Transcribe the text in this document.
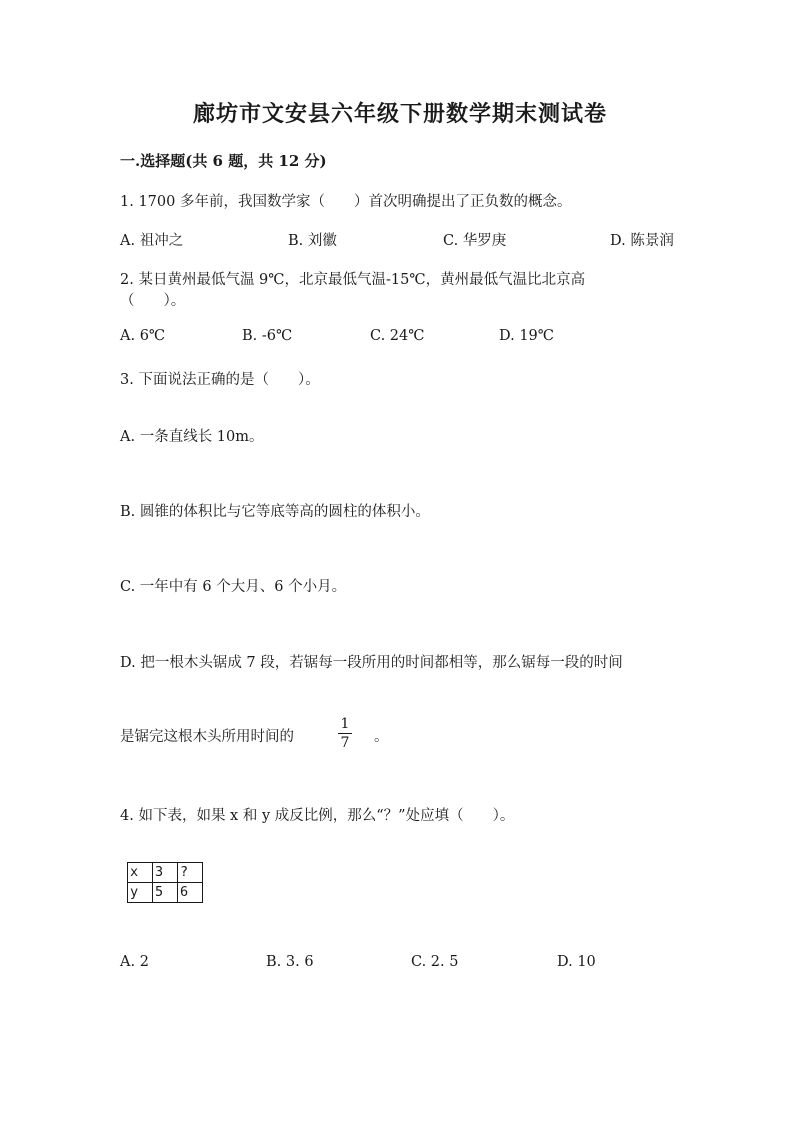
廊坊市文安县六年级下册数学期末测试卷
一.选择题(共 6 题，共 12 分)
1. 1700 多年前，我国数学家（　　）首次明确提出了正负数的概念。
A. 祖冲之	B. 刘徽	C. 华罗庚	D. 陈景润
2. 某日黄州最低气温 9℃，北京最低气温-15℃，黄州最低气温比北京高
（　　）。
A. 6℃	B. -6℃	C. 24℃	D. 19℃
3. 下面说法正确的是（　　）。
A. 一条直线长 10m。
B. 圆锥的体积比与它等底等高的圆柱的体积小。
C. 一年中有 6 个大月、6 个小月。
D. 把一根木头锯成 7 段，若锯每一段所用的时间都相等，那么锯每一段的时间
是锯完这根木头所用时间的
1
7 。
4. 如下表，如果 x 和 y 成反比例，那么“？”处应填（　　）。
x	3	?
y	5	6
A. 2	B. 3. 6	C. 2. 5	D. 10
